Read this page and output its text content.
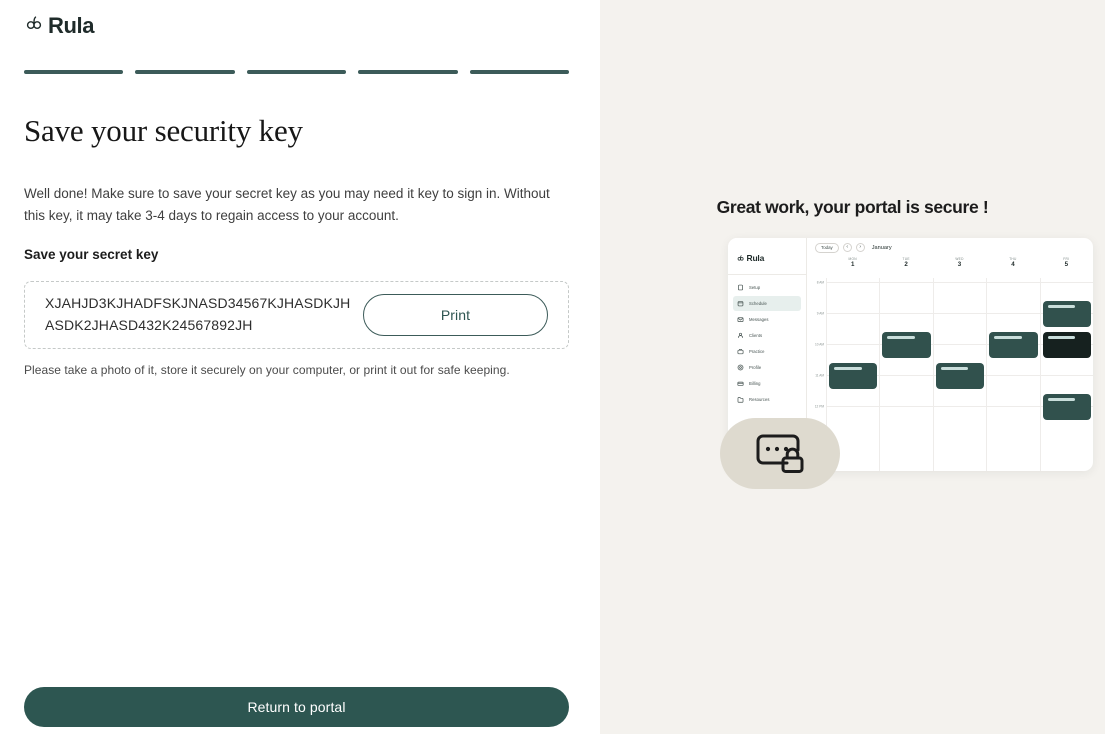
Rula
Save your security key

Well done! Make sure to save your secret key as you may need it key to sign in. Without this key, it may take 3-4 days to regain access to your account.

Save your secret key
XJAHJD3KJHADFSKJNASD34567KJHASDKJHASDK2JHASD432K24567892JH
Print
Please take a photo of it, store it securely on your computer, or print it out for safe keeping.
Return to portal
Great work, your portal is secure !
Rula
Setup
Schedule
Messages
Clients
Practice
Profile
Billing
Resources
Today	‹	›	January
MON
1
TUE
2
WED
3
THU
4
FRI
5
8 AM
9 AM
10 AM
11 AM
12 PM
